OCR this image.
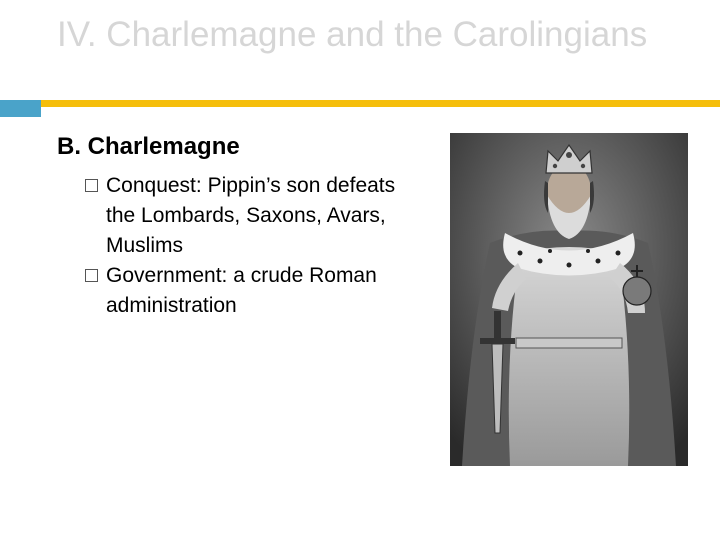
IV. Charlemagne and the Carolingians
B. Charlemagne
Conquest: Pippin’s son defeats the Lombards, Saxons, Avars, Muslims
Government: a crude Roman administration
